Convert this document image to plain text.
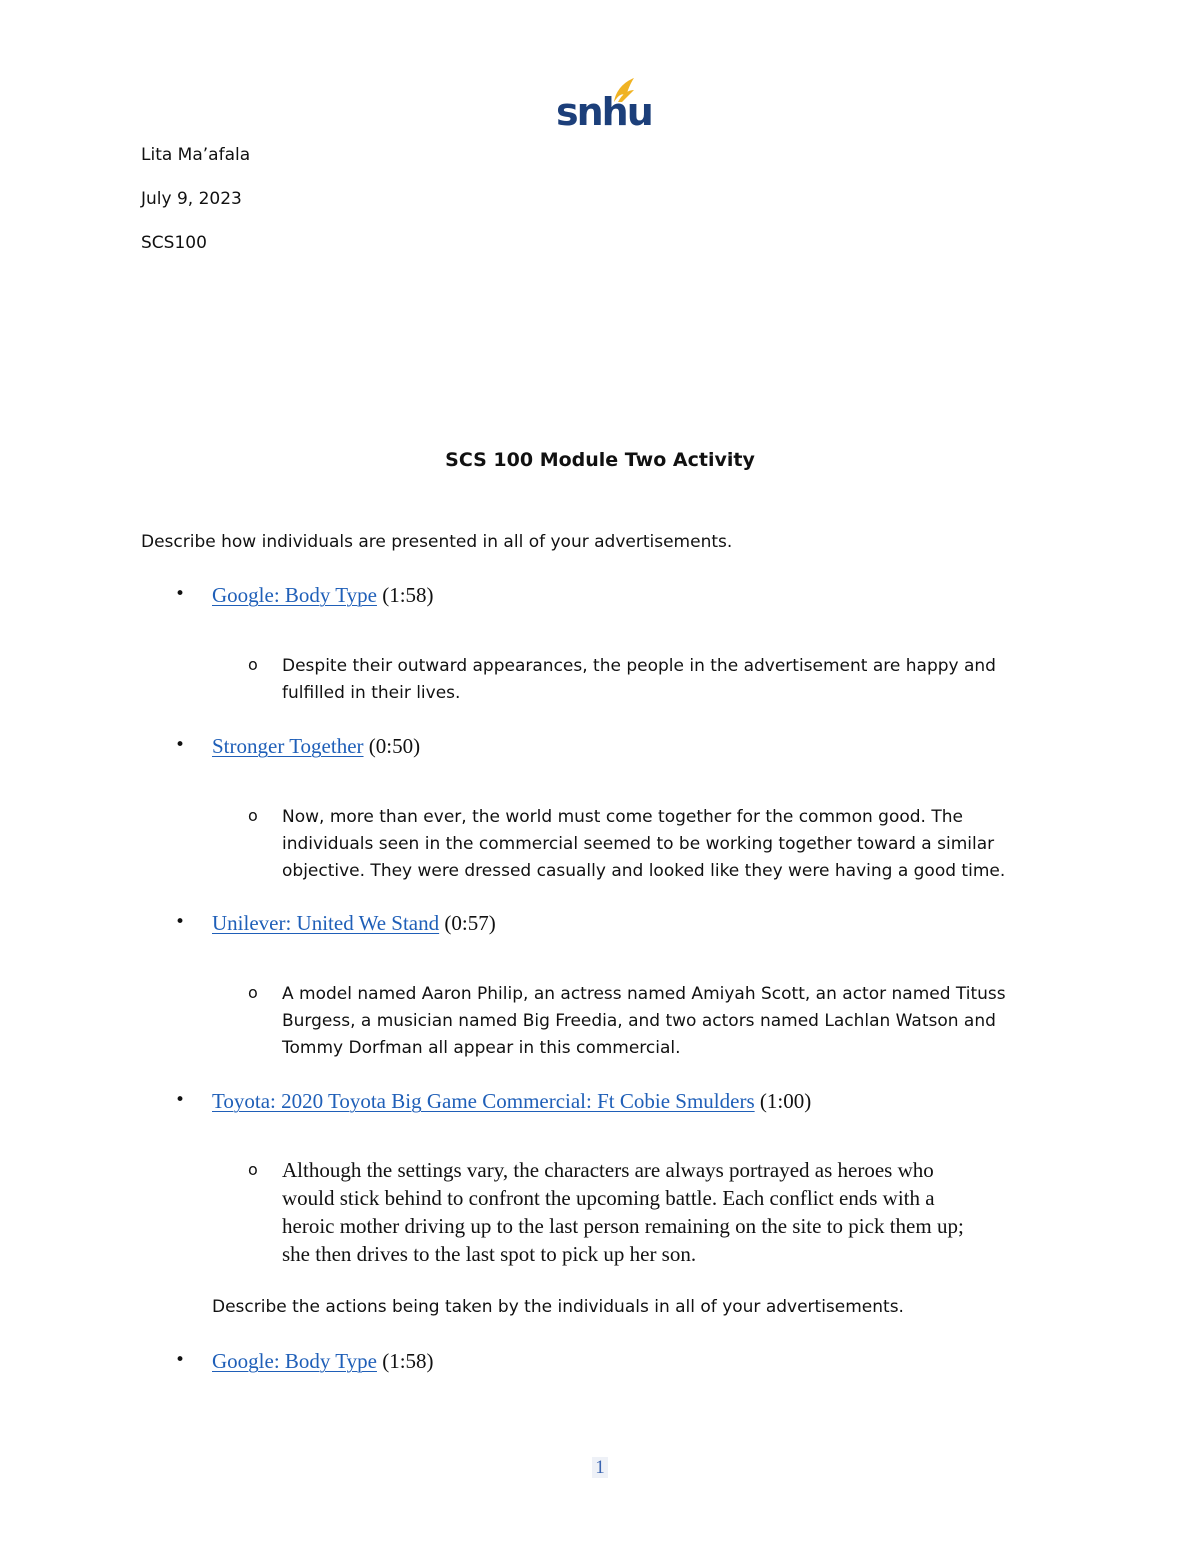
snhu
Lita Ma’afala
July 9, 2023
SCS100
SCS 100 Module Two Activity
Describe how individuals are presented in all of your advertisements.
• Google: Body Type (1:58)
o Despite their outward appearances, the people in the advertisement are happy and
fulfilled in their lives.
• Stronger Together (0:50)
o Now, more than ever, the world must come together for the common good. The
individuals seen in the commercial seemed to be working together toward a similar
objective. They were dressed casually and looked like they were having a good time.
• Unilever: United We Stand (0:57)
o A model named Aaron Philip, an actress named Amiyah Scott, an actor named Tituss
Burgess, a musician named Big Freedia, and two actors named Lachlan Watson and
Tommy Dorfman all appear in this commercial.
• Toyota: 2020 Toyota Big Game Commercial: Ft Cobie Smulders (1:00)
o Although the settings vary, the characters are always portrayed as heroes who
would stick behind to confront the upcoming battle. Each conflict ends with a
heroic mother driving up to the last person remaining on the site to pick them up;
she then drives to the last spot to pick up her son.
Describe the actions being taken by the individuals in all of your advertisements.
• Google: Body Type (1:58)
1
